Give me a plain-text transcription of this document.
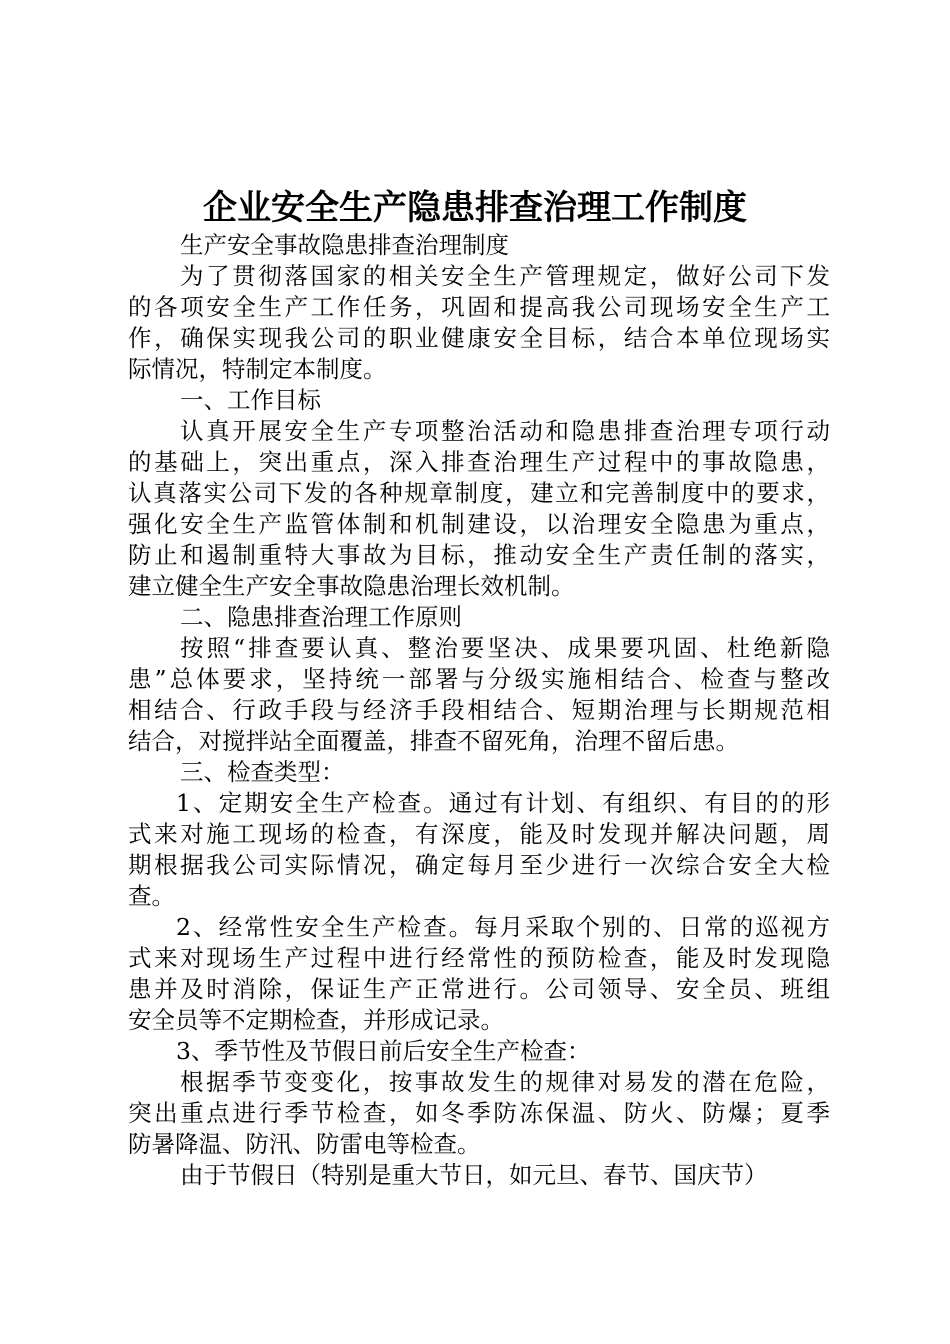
企业安全生产隐患排查治理工作制度
生产安全事故隐患排查治理制度
为了贯彻落国家的相关安全生产管理规定，做好公司下发
的各项安全生产工作任务，巩固和提高我公司现场安全生产工
作，确保实现我公司的职业健康安全目标，结合本单位现场实
际情况，特制定本制度。
一、工作目标
认真开展安全生产专项整治活动和隐患排查治理专项行动
的基础上，突出重点，深入排查治理生产过程中的事故隐患，
认真落实公司下发的各种规章制度，建立和完善制度中的要求，
强化安全生产监管体制和机制建设，以治理安全隐患为重点，
防止和遏制重特大事故为目标，推动安全生产责任制的落实，
建立健全生产安全事故隐患治理长效机制。
二、隐患排查治理工作原则
按照“排查要认真、整治要坚决、成果要巩固、杜绝新隐
患”总体要求，坚持统一部署与分级实施相结合、检查与整改
相结合、行政手段与经济手段相结合、短期治理与长期规范相
结合，对搅拌站全面覆盖，排查不留死角，治理不留后患。
三、检查类型：
1、定期安全生产检查。通过有计划、有组织、有目的的形
式来对施工现场的检查，有深度，能及时发现并解决问题，周
期根据我公司实际情况，确定每月至少进行一次综合安全大检
查。
2、经常性安全生产检查。每月采取个别的、日常的巡视方
式来对现场生产过程中进行经常性的预防检查，能及时发现隐
患并及时消除，保证生产正常进行。公司领导、安全员、班组
安全员等不定期检查，并形成记录。
3、季节性及节假日前后安全生产检查：
根据季节变变化，按事故发生的规律对易发的潜在危险，
突出重点进行季节检查，如冬季防冻保温、防火、防爆；夏季
防暑降温、防汛、防雷电等检查。
由于节假日（特别是重大节日，如元旦、春节、国庆节）
